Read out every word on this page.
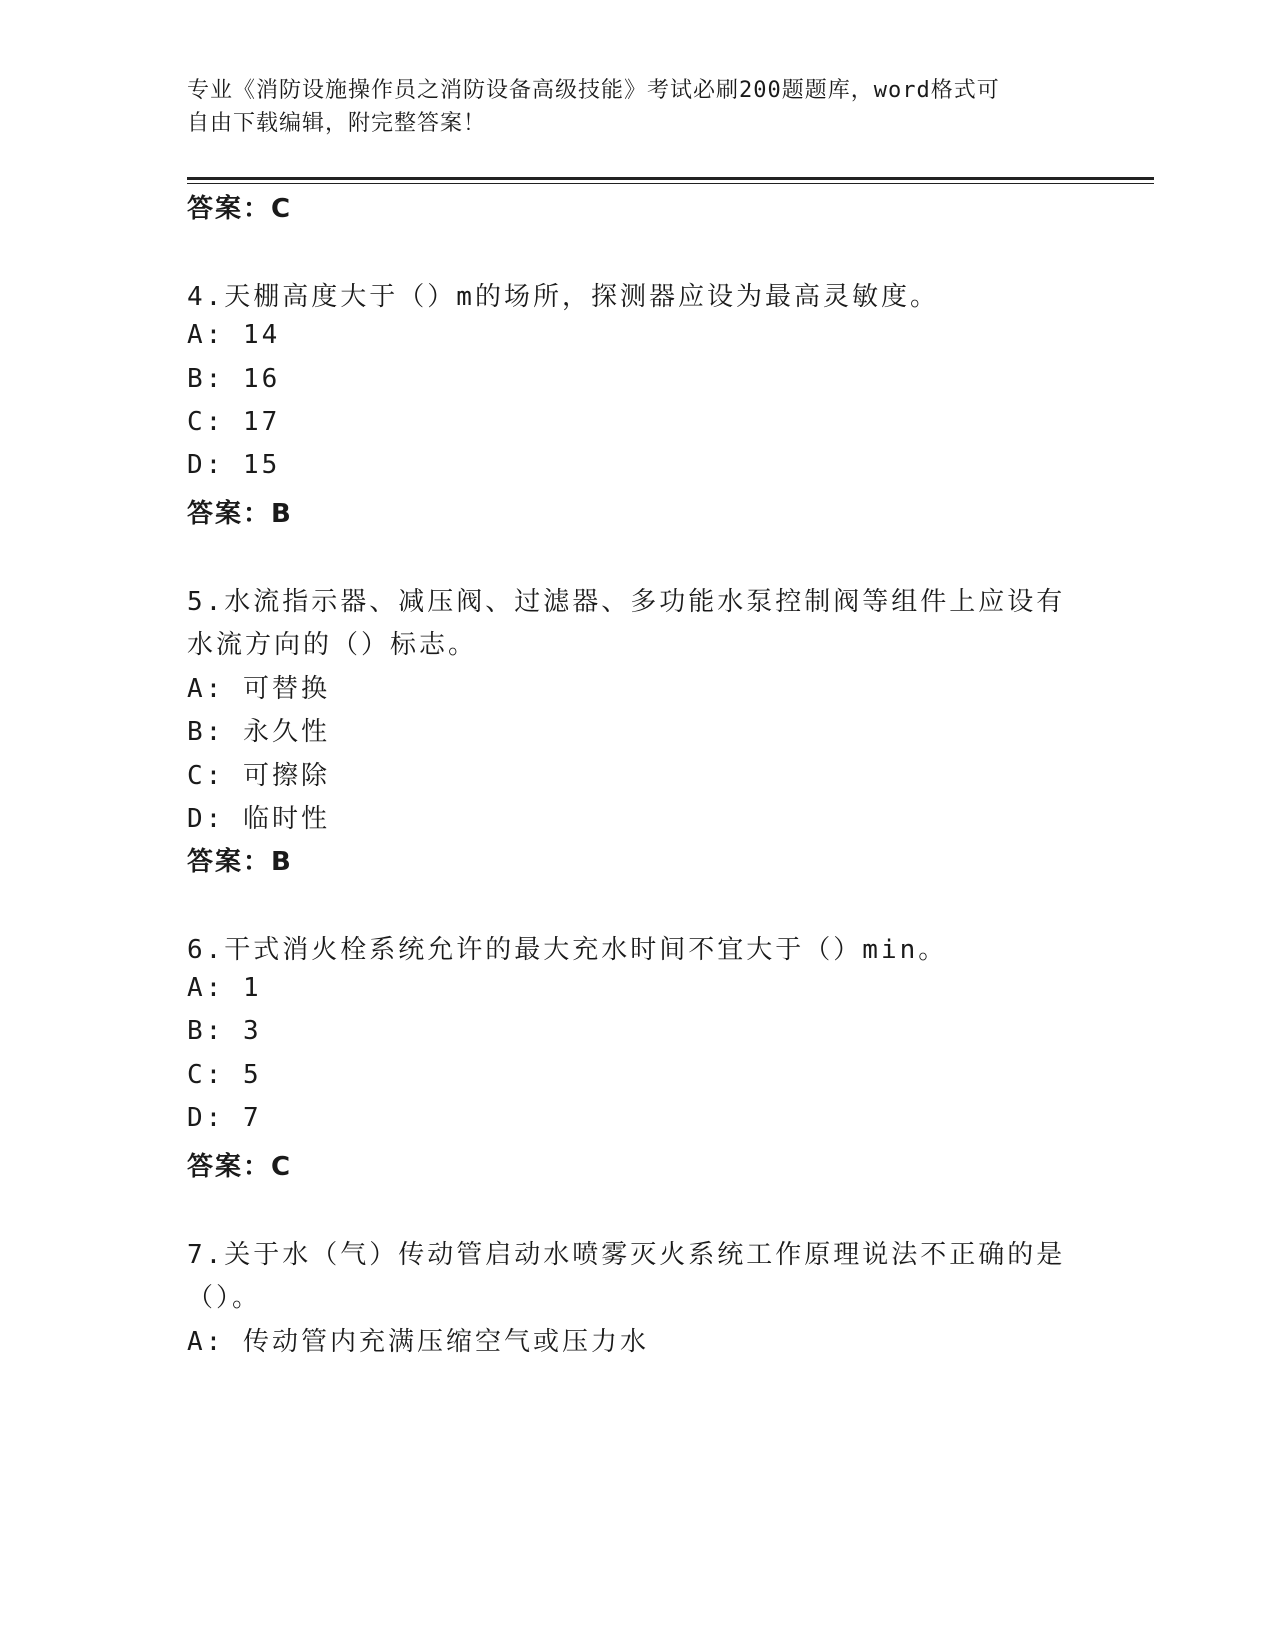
专业《消防设施操作员之消防设备高级技能》考试必刷200题题库，word格式可
自由下载编辑，附完整答案！
答案：C
4.天棚高度大于（）m的场所，探测器应设为最高灵敏度。
A: 14
B: 16
C: 17
D: 15
答案：B
5.水流指示器、减压阀、过滤器、多功能水泵控制阀等组件上应设有
水流方向的（）标志。
A: 可替换
B: 永久性
C: 可擦除
D: 临时性
答案：B
6.干式消火栓系统允许的最大充水时间不宜大于（）min。
A: 1
B: 3
C: 5
D: 7
答案：C
7.关于水（气）传动管启动水喷雾灭火系统工作原理说法不正确的是
（）。
A: 传动管内充满压缩空气或压力水
